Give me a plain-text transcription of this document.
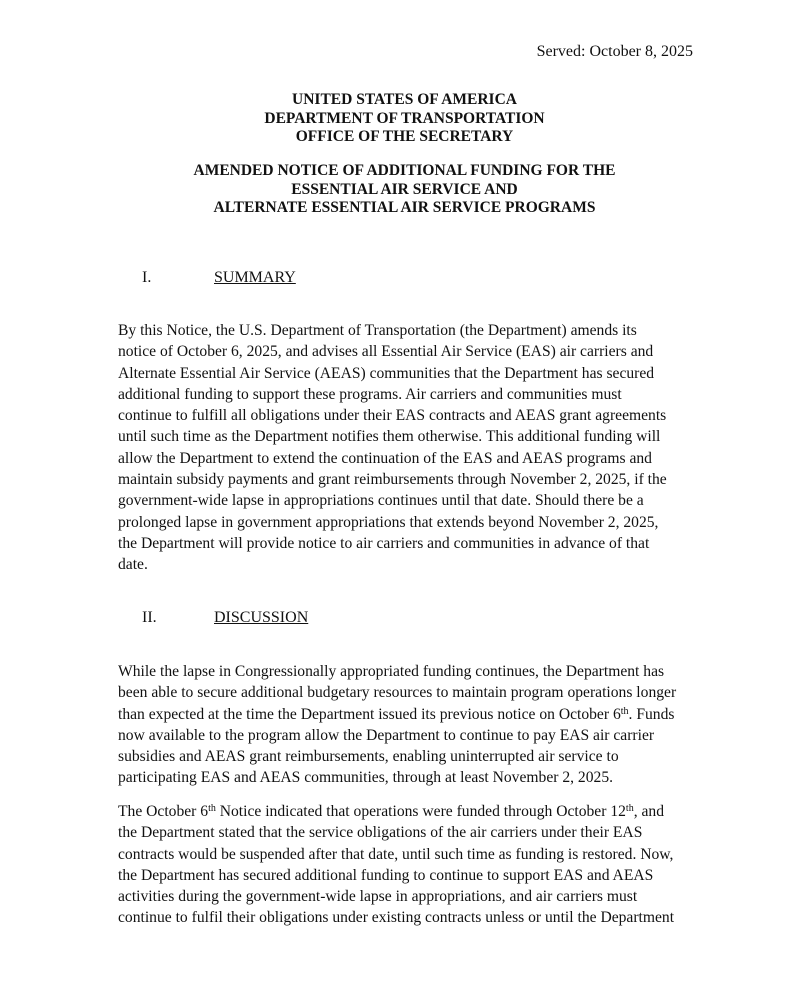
Served: October 8, 2025
UNITED STATES OF AMERICA
DEPARTMENT OF TRANSPORTATION
OFFICE OF THE SECRETARY
AMENDED NOTICE OF ADDITIONAL FUNDING FOR THE
ESSENTIAL AIR SERVICE AND
ALTERNATE ESSENTIAL AIR SERVICE PROGRAMS
I.	SUMMARY
By this Notice, the U.S. Department of Transportation (the Department) amends its
notice of October 6, 2025, and advises all Essential Air Service (EAS) air carriers and
Alternate Essential Air Service (AEAS) communities that the Department has secured
additional funding to support these programs. Air carriers and communities must
continue to fulfill all obligations under their EAS contracts and AEAS grant agreements
until such time as the Department notifies them otherwise. This additional funding will
allow the Department to extend the continuation of the EAS and AEAS programs and
maintain subsidy payments and grant reimbursements through November 2, 2025, if the
government-wide lapse in appropriations continues until that date. Should there be a
prolonged lapse in government appropriations that extends beyond November 2, 2025,
the Department will provide notice to air carriers and communities in advance of that
date.
II.	DISCUSSION
While the lapse in Congressionally appropriated funding continues, the Department has
been able to secure additional budgetary resources to maintain program operations longer
than expected at the time the Department issued its previous notice on October 6th. Funds
now available to the program allow the Department to continue to pay EAS air carrier
subsidies and AEAS grant reimbursements, enabling uninterrupted air service to
participating EAS and AEAS communities, through at least November 2, 2025.
The October 6th Notice indicated that operations were funded through October 12th, and
the Department stated that the service obligations of the air carriers under their EAS
contracts would be suspended after that date, until such time as funding is restored. Now,
the Department has secured additional funding to continue to support EAS and AEAS
activities during the government-wide lapse in appropriations, and air carriers must
continue to fulfil their obligations under existing contracts unless or until the Department
